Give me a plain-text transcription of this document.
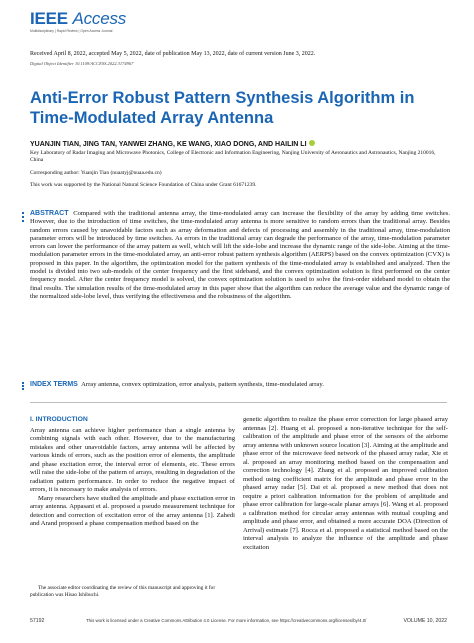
IEEE Access
Multidisciplinary | Rapid Review | Open Access Journal
Received April 8, 2022, accepted May 5, 2022, date of publication May 13, 2022, date of current version June 3, 2022.
Digital Object Identifier 10.1109/ACCESS.2022.3174967
Anti-Error Robust Pattern Synthesis Algorithm in Time-Modulated Array Antenna
YUANJIN TIAN, JING TAN, YANWEI ZHANG, KE WANG, XIAO DONG, AND HAILIN LI
Key Laboratory of Radar Imaging and Microwave Photonics, College of Electronic and Information Engineering, Nanjing University of Aeronautics and Astronautics, Nanjing 210016, China
Corresponding author: Yuanjin Tian (nuaatyj@nuaa.edu.cn)
This work was supported by the National Natural Science Foundation of China under Grant 61671239.
ABSTRACT Compared with the traditional antenna array, the time-modulated array can increase the flexibility of the array by adding time switches. However, due to the introduction of time switches, the time-modulated array antenna is more sensitive to random errors than the traditional array. Besides random errors caused by unavoidable factors such as array deformation and defects of processing and assembly in the traditional array, time-modulation parameter errors will be introduced by time switches. As errors in the traditional array can degrade the performance of the array, time-modulation parameter errors can lower the performance of the array pattern as well, which will lift the side-lobe and increase the dynamic range of the side-lobe. Aiming at the time-modulation parameter errors in the time-modulated array, an anti-error robust pattern synthesis algorithm (AERPS) based on the convex optimization (CVX) is proposed in this paper. In the algorithm, the optimization model for the pattern synthesis of the time-modulated array is established and analyzed. Then the model is divided into two sub-models of the center frequency and the first sideband, and the convex optimization solution is first performed on the center frequency model. After the center frequency model is solved, the convex optimization solution is used to solve the first-order sideband model to obtain the final results. The simulation results of the time-modulated array in this paper show that the algorithm can reduce the average value and the dynamic range of the normalized side-lobe level, thus verifying the effectiveness and the robustness of the algorithm.
INDEX TERMS Array antenna, convex optimization, error analysis, pattern synthesis, time-modulated array.
I. INTRODUCTION

Array antenna can achieve higher performance than a single antenna by combining signals with each other. However, due to the manufacturing mistakes and other unavoidable factors, array antenna will be affected by various kinds of errors, such as the position error of elements, the amplitude and phase excitation error, the interval error of elements, etc. These errors will raise the side-lobe of the pattern of arrays, resulting in degradation of the radiation pattern performance. In order to reduce the negative impact of errors, it is necessary to make analysis of errors.

Many researchers have studied the amplitude and phase excitation error in array antenna. Appasani et al. proposed a pseudo measurement technique for detection and correction of excitation error of the array antenna [1]. Zahedi and Arand proposed a phase compensation method based on the

The associate editor coordinating the review of this manuscript and approving it for publication was Hisao Ishibuchi.

genetic algorithm to realize the phase error correction for large phased array antennas [2]. Huang et al. proposed a non-iterative technique for the self-calibration of the amplitude and phase error of the sensors of the airborne array antenna with unknown source location [3]. Aiming at the amplitude and phase error of the microwave feed network of the phased array radar, Xie et al. proposed an array monitoring method based on the compensation and correction technology [4]. Zhang et al. proposed an improved calibration method using coefficient matrix for the amplitude and phase error in the phased array radar [5]. Dai et al. proposed a new method that does not require a priori calibration information for the problem of amplitude and phase error calibration for large-scale planar arrays [6]. Wang et al. proposed a calibration method for circular array antennas with mutual coupling and amplitude and phase error, and obtained a more accurate DOA (Direction of Arrival) estimate [7]. Rocca et al. proposed a statistical method based on the interval analysis to analyze the influence of the amplitude and phase excitation

57192	This work is licensed under a Creative Commons Attribution 4.0 License. For more information, see https://creativecommons.org/licenses/by/4.0/	VOLUME 10, 2022
